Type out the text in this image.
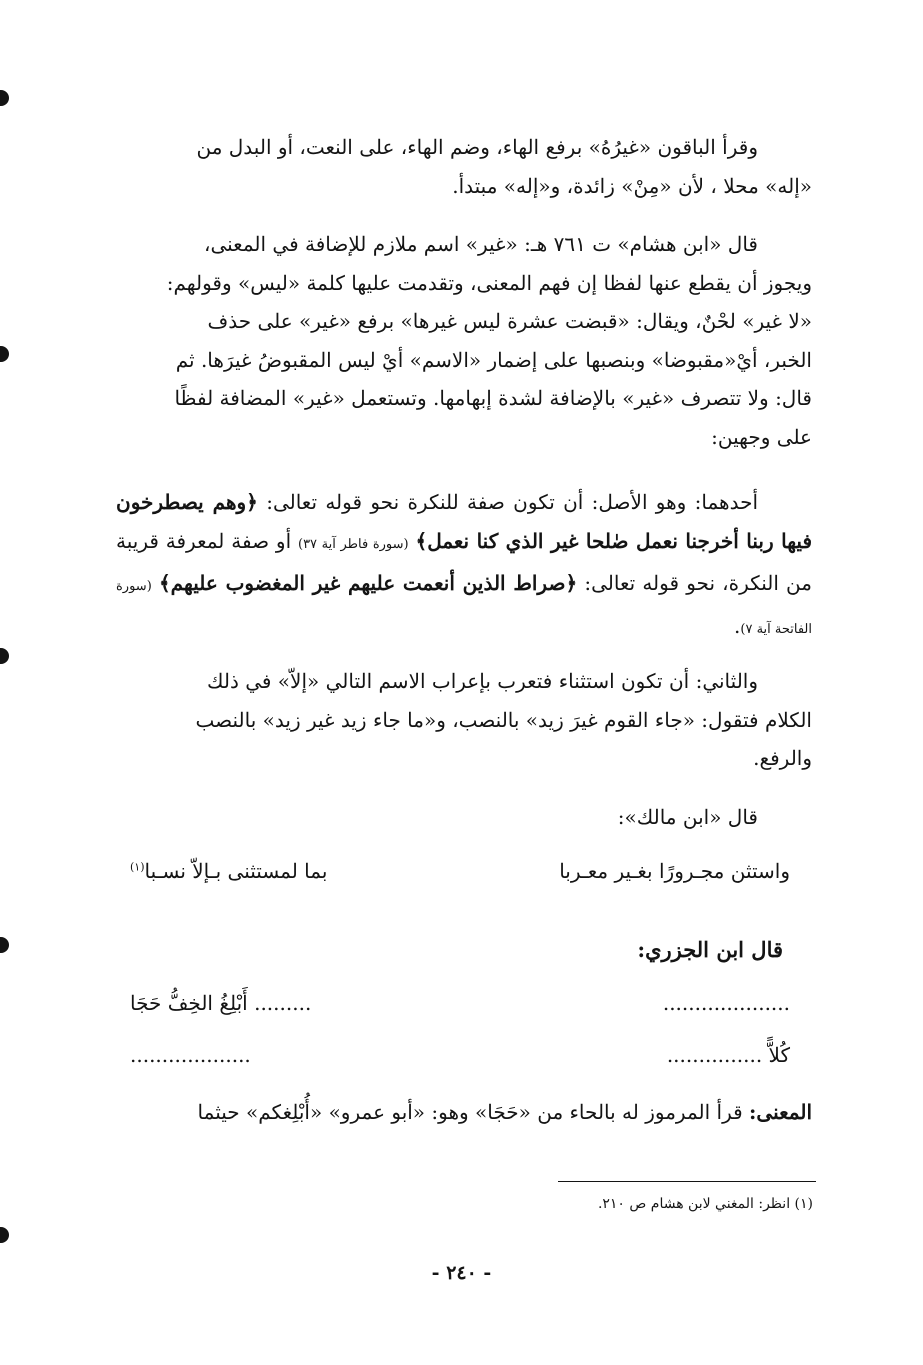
وقرأ الباقون «غيرُهُ» برفع الهاء، وضم الهاء، على النعت، أو البدل من

«إله» محلا ، لأن «مِنْ» زائدة، و«إله» مبتدأ.

قال «ابن هشام» ت ٧٦١ هـ: «غير» اسم ملازم للإضافة في المعنى،

ويجوز أن يقطع عنها لفظا إن فهم المعنى، وتقدمت عليها كلمة «ليس» وقولهم:

«لا غير» لحْنٌ، ويقال: «قبضت عشرة ليس غيرها» برفع «غير» على حذف

الخبر، أيْ«مقبوضا» وبنصبها على إضمار «الاسم» أيْ ليس المقبوضُ غيرَها. ثم

قال: ولا تتصرف «غير» بالإضافة لشدة إبهامها. وتستعمل «غير» المضافة لفظًا

على وجهين:

أحدهما: وهو الأصل: أن تكون صفة للنكرة نحو قوله تعالى: ﴿وهم يصطرخون فيها ربنا أخرجنا نعمل صٰلحا غير الذي كنا نعمل﴾ (سورة فاطر آية ٣٧) أو صفة لمعرفة قريبة من النكرة، نحو قوله تعالى: ﴿صراط الذين أنعمت عليهم غير المغضوب عليهم﴾ (سورة الفاتحة آية ٧).

والثاني: أن تكون استثناء فتعرب بإعراب الاسم التالي «إلاّ» في ذلك

الكلام فتقول: «جاء القوم غيرَ زيد» بالنصب، و«ما جاء زيد غير زيد» بالنصب

والرفع.

قال «ابن مالك»:

واستثن مجـرورًا بغـير معـربا
بما لمستثنى بـإلاّ نسـبا$^{(١)}$
قال ابن الجزري:
....................
......... أَبْلِغُ الخِفُّ حَجَا
كُلاًّ ...............
...................

المعنى: قرأ المرموز له بالحاء من «حَجَا» وهو: «أبو عمرو» «أُبْلِغكم» حيثما

(١) انظر: المغني لابن هشام ص ٢١٠.
- ٢٤٠ -
